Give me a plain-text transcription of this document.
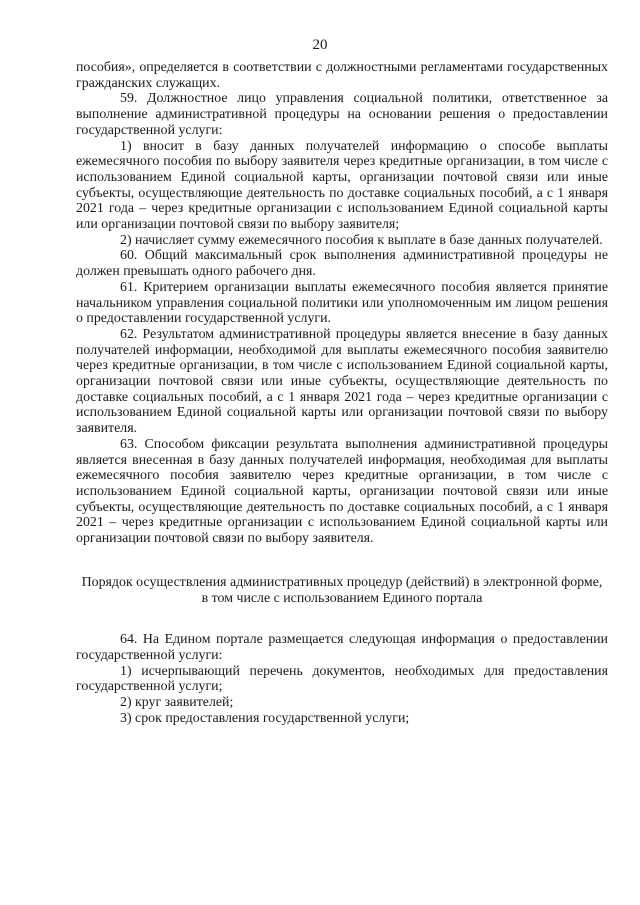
20

пособия», определяется в соответствии с должностными регламентами государственных гражданских служащих.

59. Должностное лицо управления социальной политики, ответственное за выполнение административной процедуры на основании решения о предоставлении государственной услуги:

1) вносит в базу данных получателей информацию о способе выплаты ежемесячного пособия по выбору заявителя через кредитные организации, в том числе с использованием Единой социальной карты, организации почтовой связи или иные субъекты, осуществляющие деятельность по доставке социальных пособий, а с 1 января 2021 года – через кредитные организации с использованием Единой социальной карты или организации почтовой связи по выбору заявителя;

2) начисляет сумму ежемесячного пособия к выплате в базе данных получателей.

60. Общий максимальный срок выполнения административной процедуры не должен превышать одного рабочего дня.

61. Критерием организации выплаты ежемесячного пособия является принятие начальником управления социальной политики или уполномоченным им лицом решения о предоставлении государственной услуги.

62. Результатом административной процедуры является внесение в базу данных получателей информации, необходимой для выплаты ежемесячного пособия заявителю через кредитные организации, в том числе с использованием Единой социальной карты, организации почтовой связи или иные субъекты, осуществляющие деятельность по доставке социальных пособий, а с 1 января 2021 года – через кредитные организации с использованием Единой социальной карты или организации почтовой связи по выбору заявителя.

63. Способом фиксации результата выполнения административной процедуры является внесенная в базу данных получателей информация, необходимая для выплаты ежемесячного пособия заявителю через кредитные организации, в том числе с использованием Единой социальной карты, организации почтовой связи или иные субъекты, осуществляющие деятельность по доставке социальных пособий, а с 1 января 2021 – через кредитные организации с использованием Единой социальной карты или организации почтовой связи по выбору заявителя.

Порядок осуществления административных процедур (действий) в электронной форме, в том числе с использованием Единого портала

64. На Едином портале размещается следующая информация о предоставлении государственной услуги:

1) исчерпывающий перечень документов, необходимых для предоставления государственной услуги;

2) круг заявителей;

3) срок предоставления государственной услуги;
